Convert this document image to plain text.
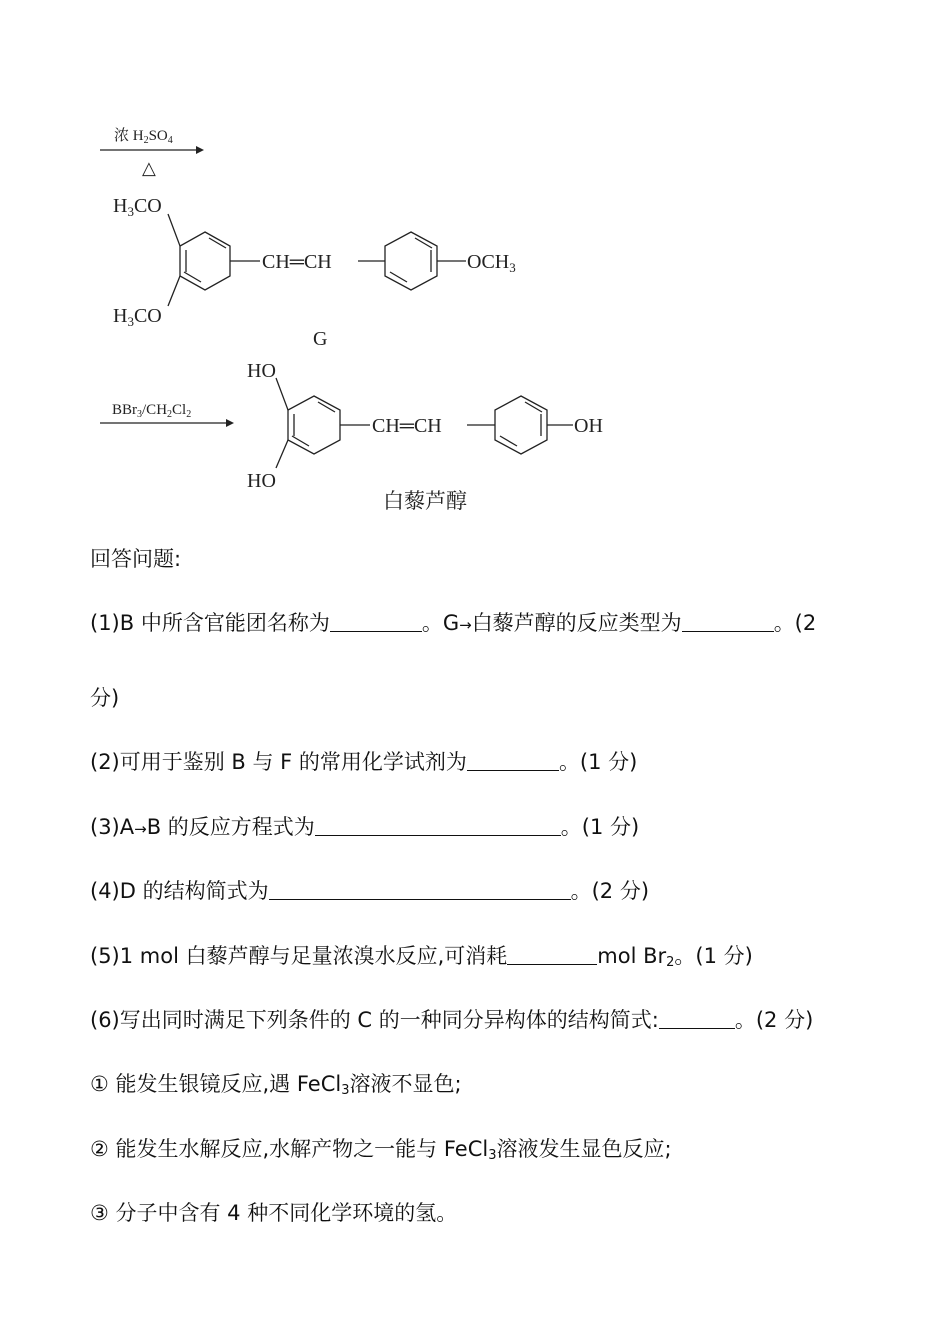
浓 $H_2SO_4$
△
$H_3CO$
$H_3CO$
CH═CH	$OCH_3$
G
$BBr_3/CH_2Cl_2$
HO
HO
CH═CH	OH
白藜芦醇
回答问题:
(1)B 中所含官能团名称为	。G→白藜芦醇的反应类型为	。(2
分)
(2)可用于鉴别 B 与 F 的常用化学试剂为	。(1 分)
(3)A→B 的反应方程式为	。(1 分)
(4)D 的结构简式为	。(2 分)
(5)1 mol 白藜芦醇与足量浓溴水反应,可消耗	mol $Br_2$。(1 分)
(6)写出同时满足下列条件的 C 的一种同分异构体的结构简式:	。(2 分)
① 能发生银镜反应,遇 FeCl$_3$溶液不显色;
② 能发生水解反应,水解产物之一能与 FeCl$_3$溶液发生显色反应;
③ 分子中含有 4 种不同化学环境的氢。
